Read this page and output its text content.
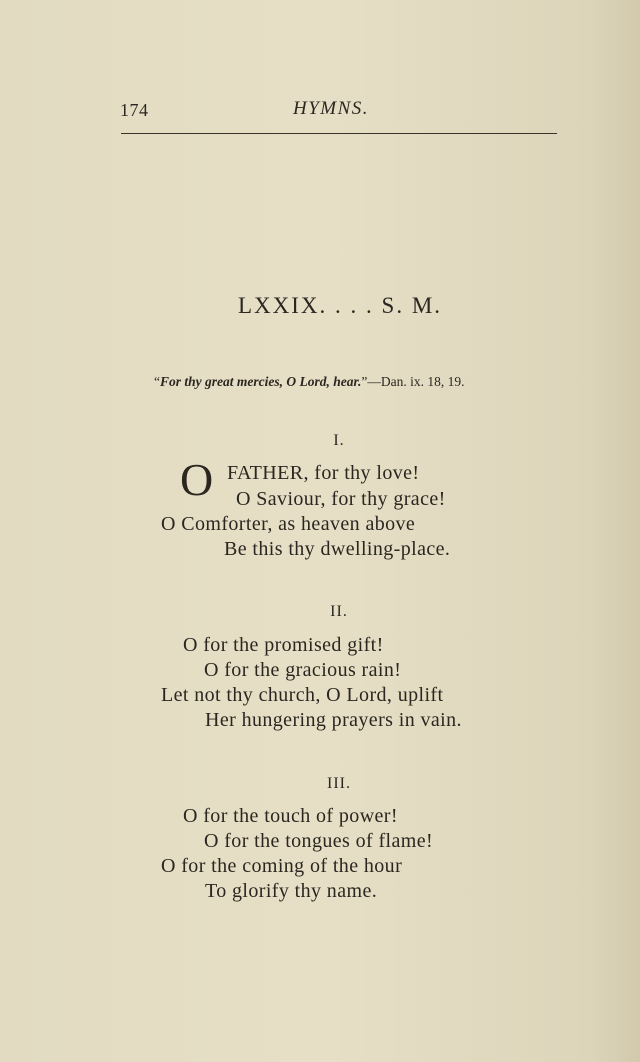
174	HYMNS.
LXXIX. . . . S. M.
“For thy great mercies, O Lord, hear.”—Dan. ix. 18, 19.
I.
O FATHER, for thy love!
O Saviour, for thy grace!
O Comforter, as heaven above
Be this thy dwelling-place.
II.
O for the promised gift!
O for the gracious rain!
Let not thy church, O Lord, uplift
Her hungering prayers in vain.
III.
O for the touch of power!
O for the tongues of flame!
O for the coming of the hour
To glorify thy name.
